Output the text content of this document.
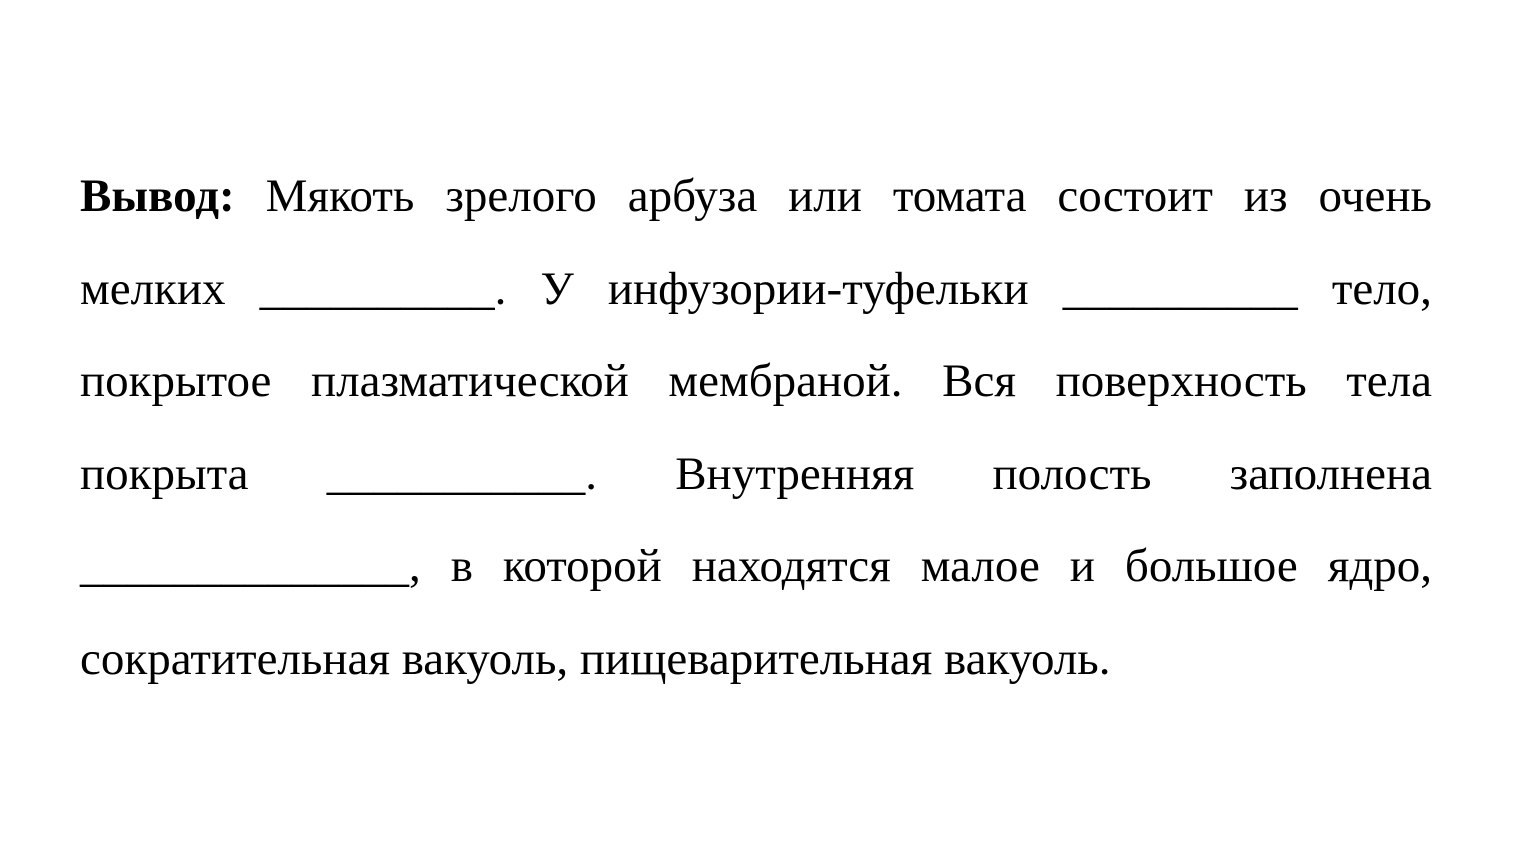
Вывод: Мякоть зрелого арбуза или томата состоит из очень
мелких __________. У инфузории-туфельки __________ тело,
покрытое плазматической мембраной. Вся поверхность тела
покрыта ___________. Внутренняя полость заполнена
______________, в которой находятся малое и большое ядро,
сократительная вакуоль, пищеварительная вакуоль.
